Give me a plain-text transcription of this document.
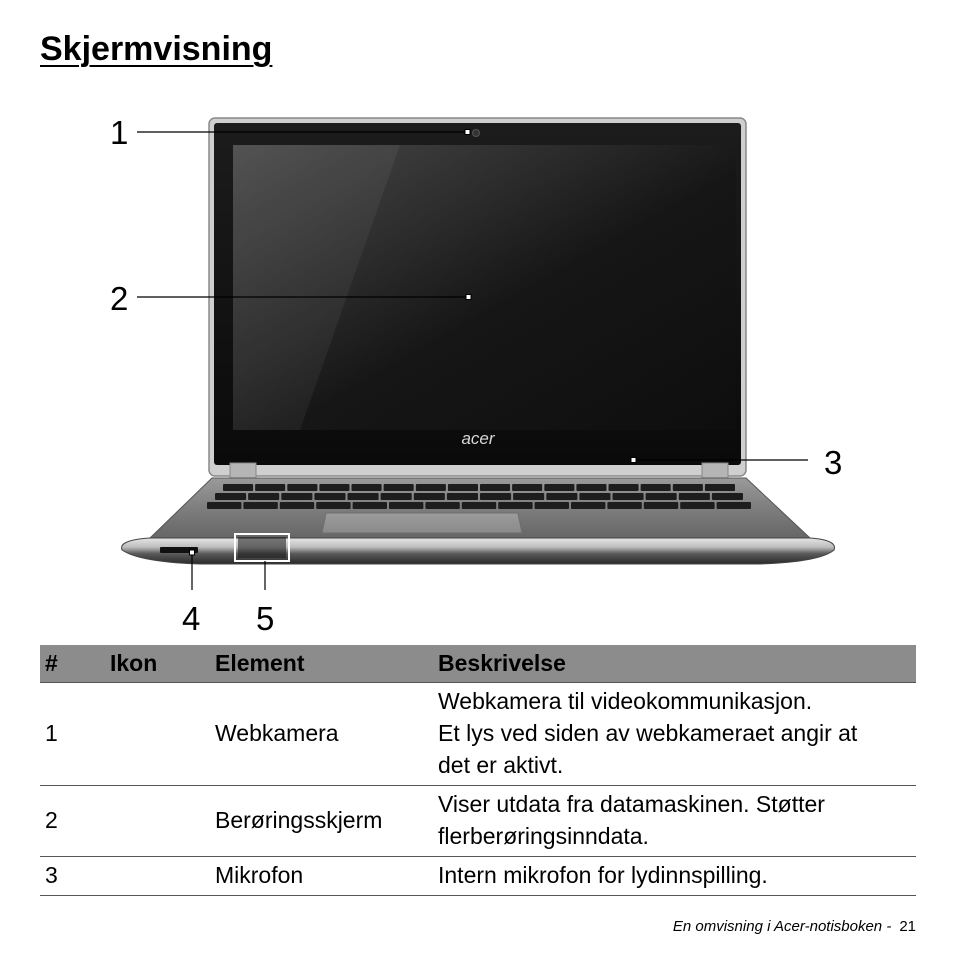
Skjermvisning
acer
1
2
3
4 5
#	Ikon	Element	Beskrivelse
1		Webkamera	Webkamera til videokommunikasjon.
Et lys ved siden av webkameraet angir at
det er aktivt.

2		Berøringsskjerm	Viser utdata fra datamaskinen. Støtter
flerberøringsinndata.

3		Mikrofon	Intern mikrofon for lydinnspilling.
En omvisning i Acer-notisboken - 21
